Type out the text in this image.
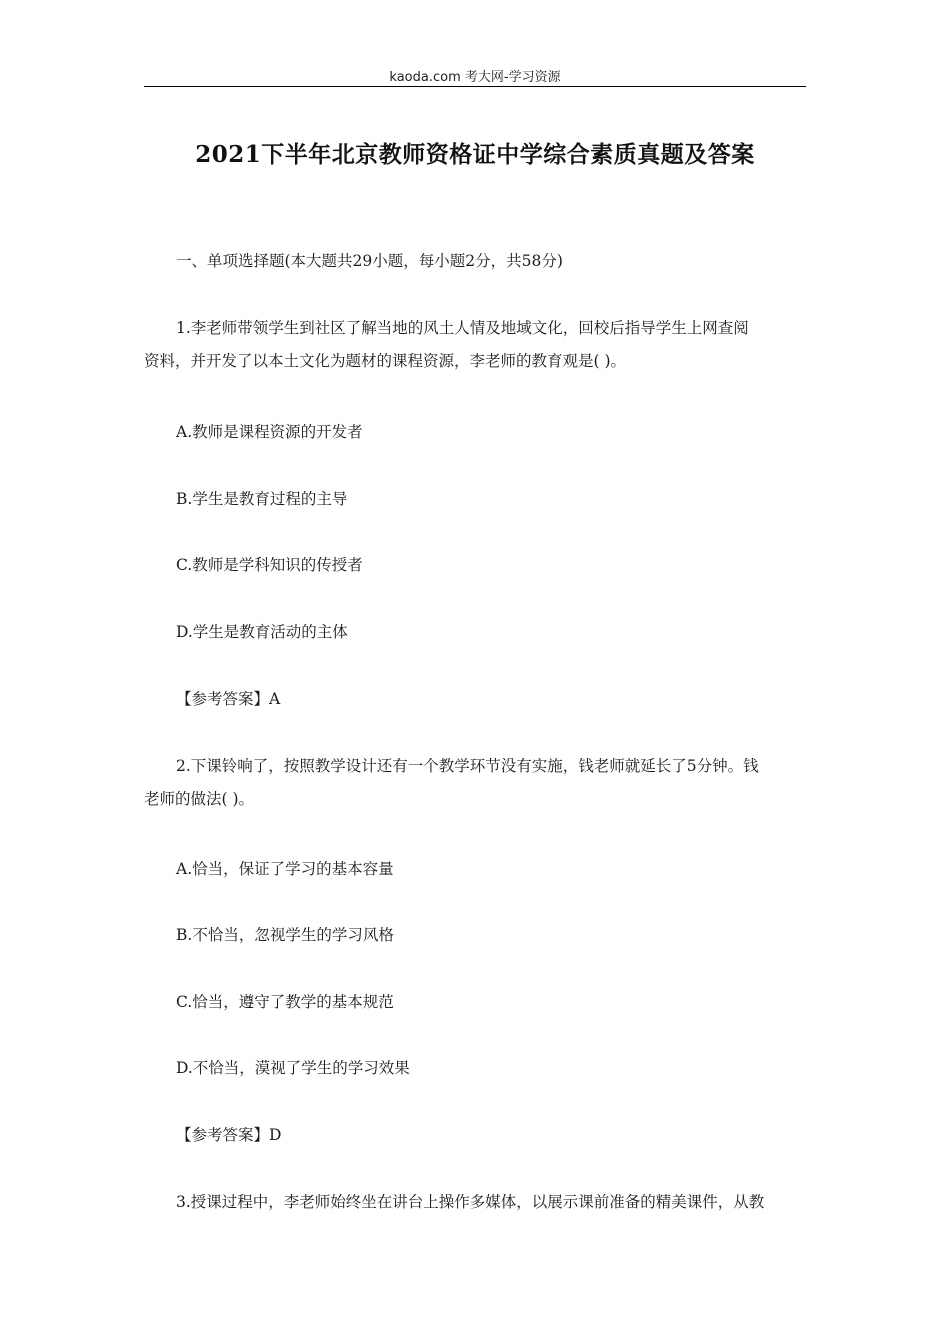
kaoda.com 考大网-学习资源
2021下半年北京教师资格证中学综合素质真题及答案
一、单项选择题(本大题共29小题，每小题2分，共58分)
1.李老师带领学生到社区了解当地的风土人情及地域文化，回校后指导学生上网查阅
资料，并开发了以本土文化为题材的课程资源，李老师的教育观是( )。
A.教师是课程资源的开发者
B.学生是教育过程的主导
C.教师是学科知识的传授者
D.学生是教育活动的主体
【参考答案】A
2.下课铃响了，按照教学设计还有一个教学环节没有实施，钱老师就延长了5分钟。钱
老师的做法( )。
A.恰当，保证了学习的基本容量
B.不恰当，忽视学生的学习风格
C.恰当，遵守了教学的基本规范
D.不恰当，漠视了学生的学习效果
【参考答案】D
3.授课过程中，李老师始终坐在讲台上操作多媒体，以展示课前准备的精美课件，从教
